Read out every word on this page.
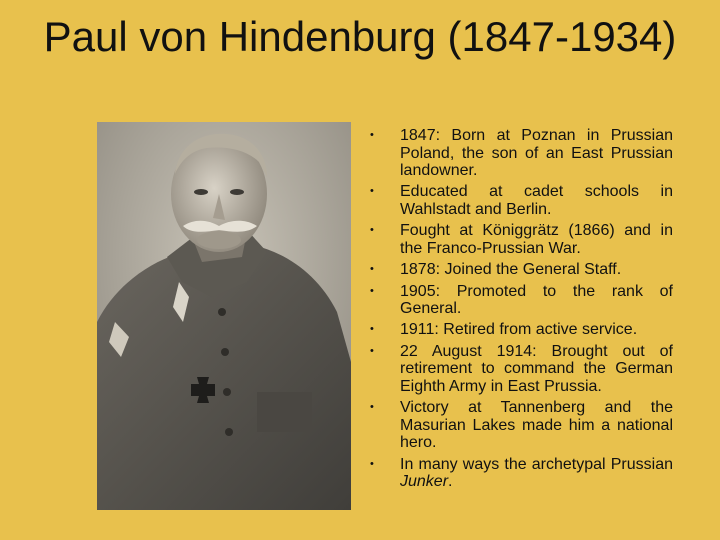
Paul von Hindenburg (1847-1934)
• 1847: Born at Poznan in Prussian Poland, the son of an East Prussian landowner.
• Educated at cadet schools in Wahlstadt and Berlin.
• Fought at Königgrätz (1866) and in the Franco-Prussian War.
• 1878: Joined the General Staff.
• 1905: Promoted to the rank of General.
• 1911: Retired from active service.
• 22 August 1914: Brought out of retirement to command the German Eighth Army in East Prussia.
• Victory at Tannenberg and the Masurian Lakes made him a national hero.
• In many ways the archetypal Prussian Junker.
